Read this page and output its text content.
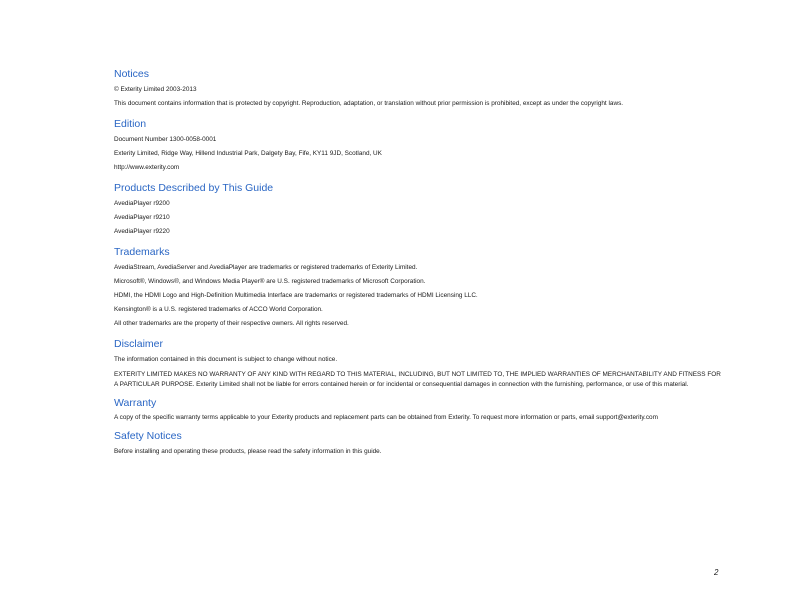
Notices
© Exterity Limited 2003-2013
This document contains information that is protected by copyright. Reproduction, adaptation, or translation without prior permission is prohibited, except as under the copyright laws.
Edition
Document Number 1300-0058-0001
Exterity Limited, Ridge Way, Hillend Industrial Park, Dalgety Bay, Fife, KY11 9JD, Scotland, UK
http://www.exterity.com
Products Described by This Guide
AvediaPlayer r9200
AvediaPlayer r9210
AvediaPlayer r9220
Trademarks
AvediaStream, AvediaServer and AvediaPlayer are trademarks or registered trademarks of Exterity Limited.
Microsoft®, Windows®, and Windows Media Player® are U.S. registered trademarks of Microsoft Corporation.
HDMI, the HDMI Logo and High-Definition Multimedia Interface are trademarks or registered trademarks of HDMI Licensing LLC.
Kensington® is a U.S. registered trademarks of ACCO World Corporation.
All other trademarks are the property of their respective owners. All rights reserved.
Disclaimer
The information contained in this document is subject to change without notice.
EXTERITY LIMITED MAKES NO WARRANTY OF ANY KIND WITH REGARD TO THIS MATERIAL, INCLUDING, BUT NOT LIMITED TO, THE IMPLIED WARRANTIES OF MERCHANTABILITY AND FITNESS FOR A PARTICULAR PURPOSE. Exterity Limited shall not be liable for errors contained herein or for incidental or consequential damages in connection with the furnishing, performance, or use of this material.
Warranty
A copy of the specific warranty terms applicable to your Exterity products and replacement parts can be obtained from Exterity. To request more information or parts, email support@exterity.com
Safety Notices
Before installing and operating these products, please read the safety information in this guide.
2
